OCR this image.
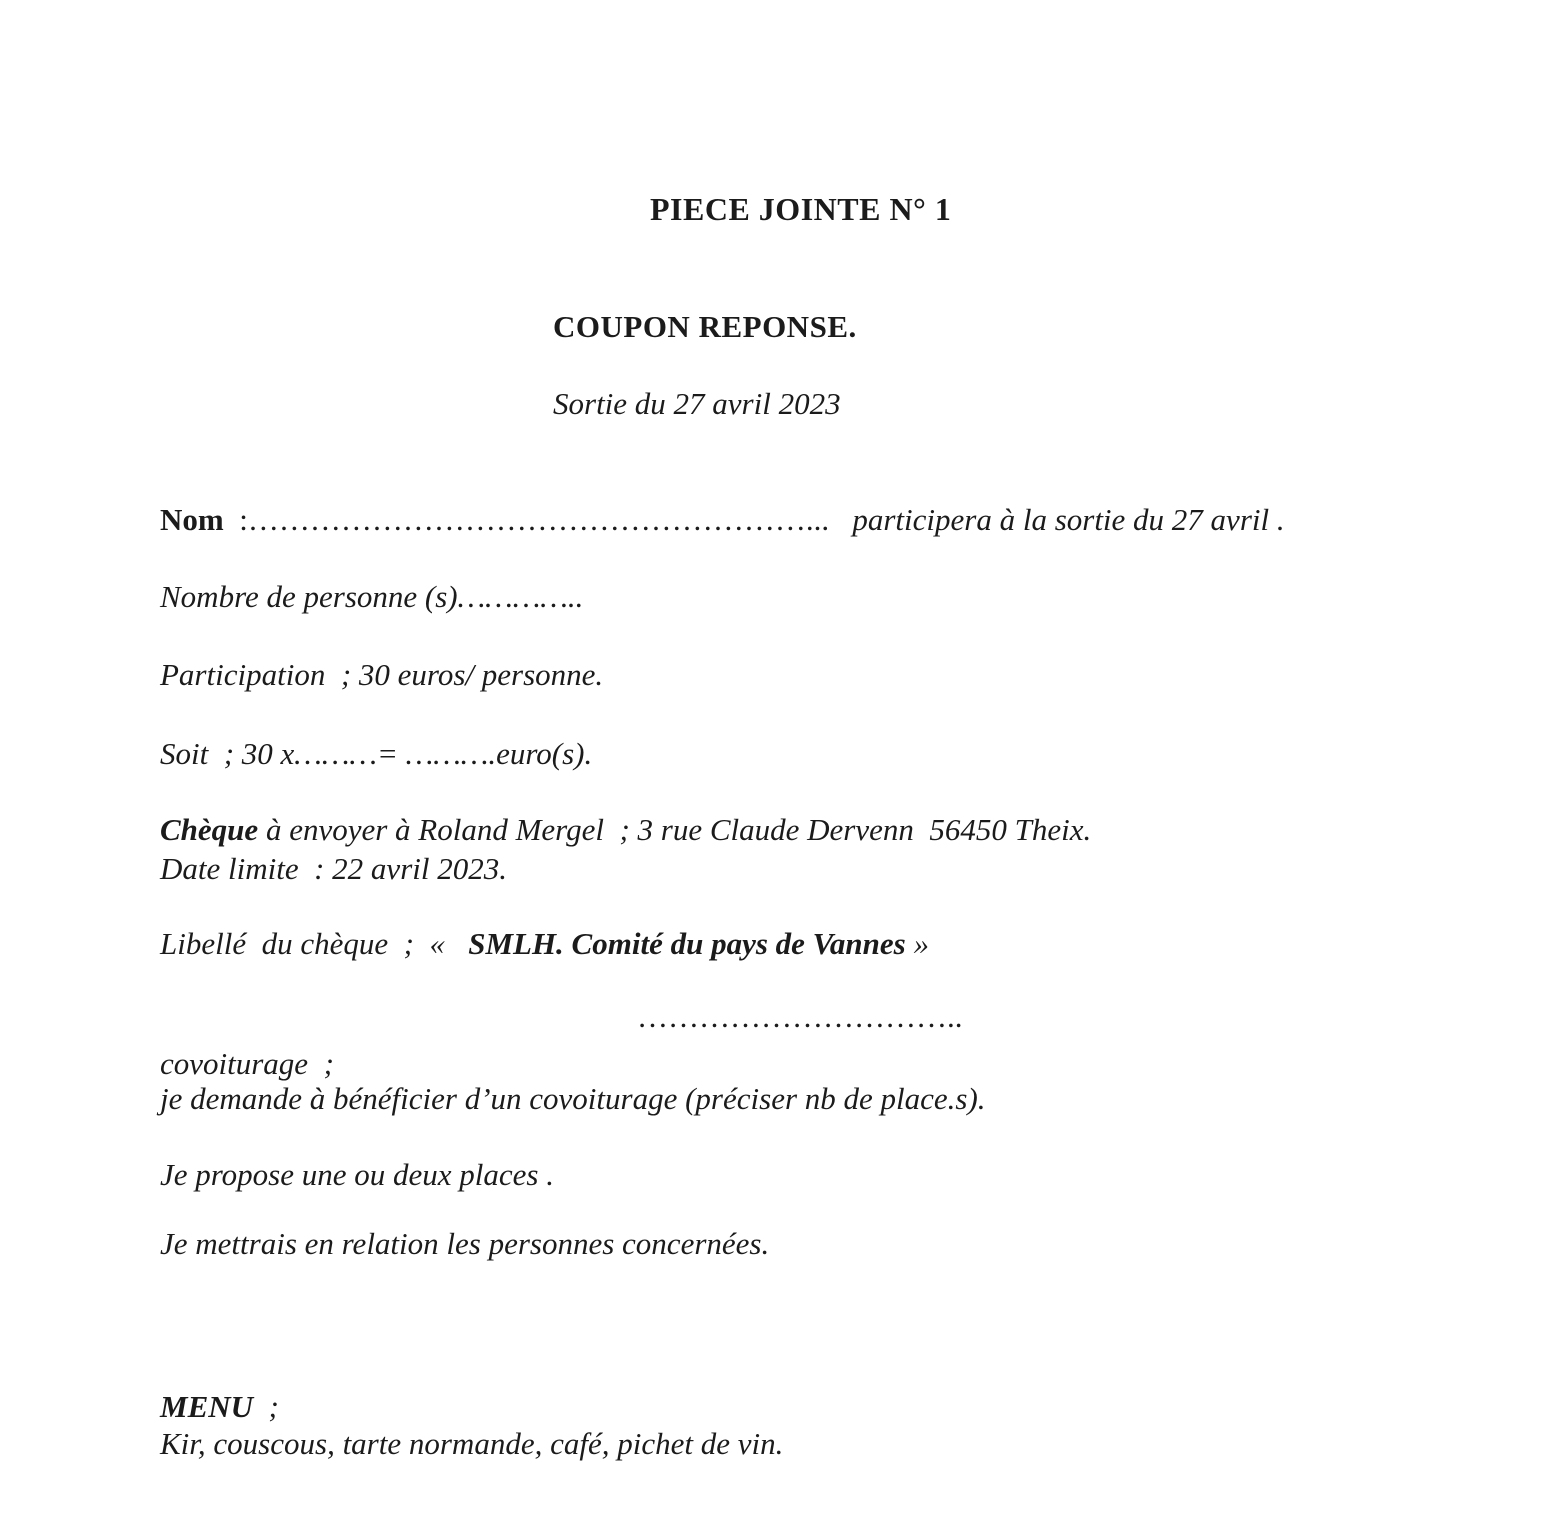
PIECE JOINTE N° 1
COUPON REPONSE.
Sortie du 27 avril 2023
Nom  :………………………………………………...   participera à la sortie du 27 avril .
Nombre de personne (s)…………..
Participation  ; 30 euros/ personne.
Soit  ; 30 x………= ……….euro(s).
Chèque à envoyer à Roland Mergel  ; 3 rue Claude Dervenn  56450 Theix.
Date limite  : 22 avril 2023.
Libellé  du chèque  ;  «   SMLH. Comité du pays de Vannes »
…………………………..
covoiturage  ;
je demande à bénéficier d’un covoiturage (préciser nb de place.s).
Je propose une ou deux places .
Je mettrais en relation les personnes concernées.
MENU  ;
Kir, couscous, tarte normande, café, pichet de vin.
